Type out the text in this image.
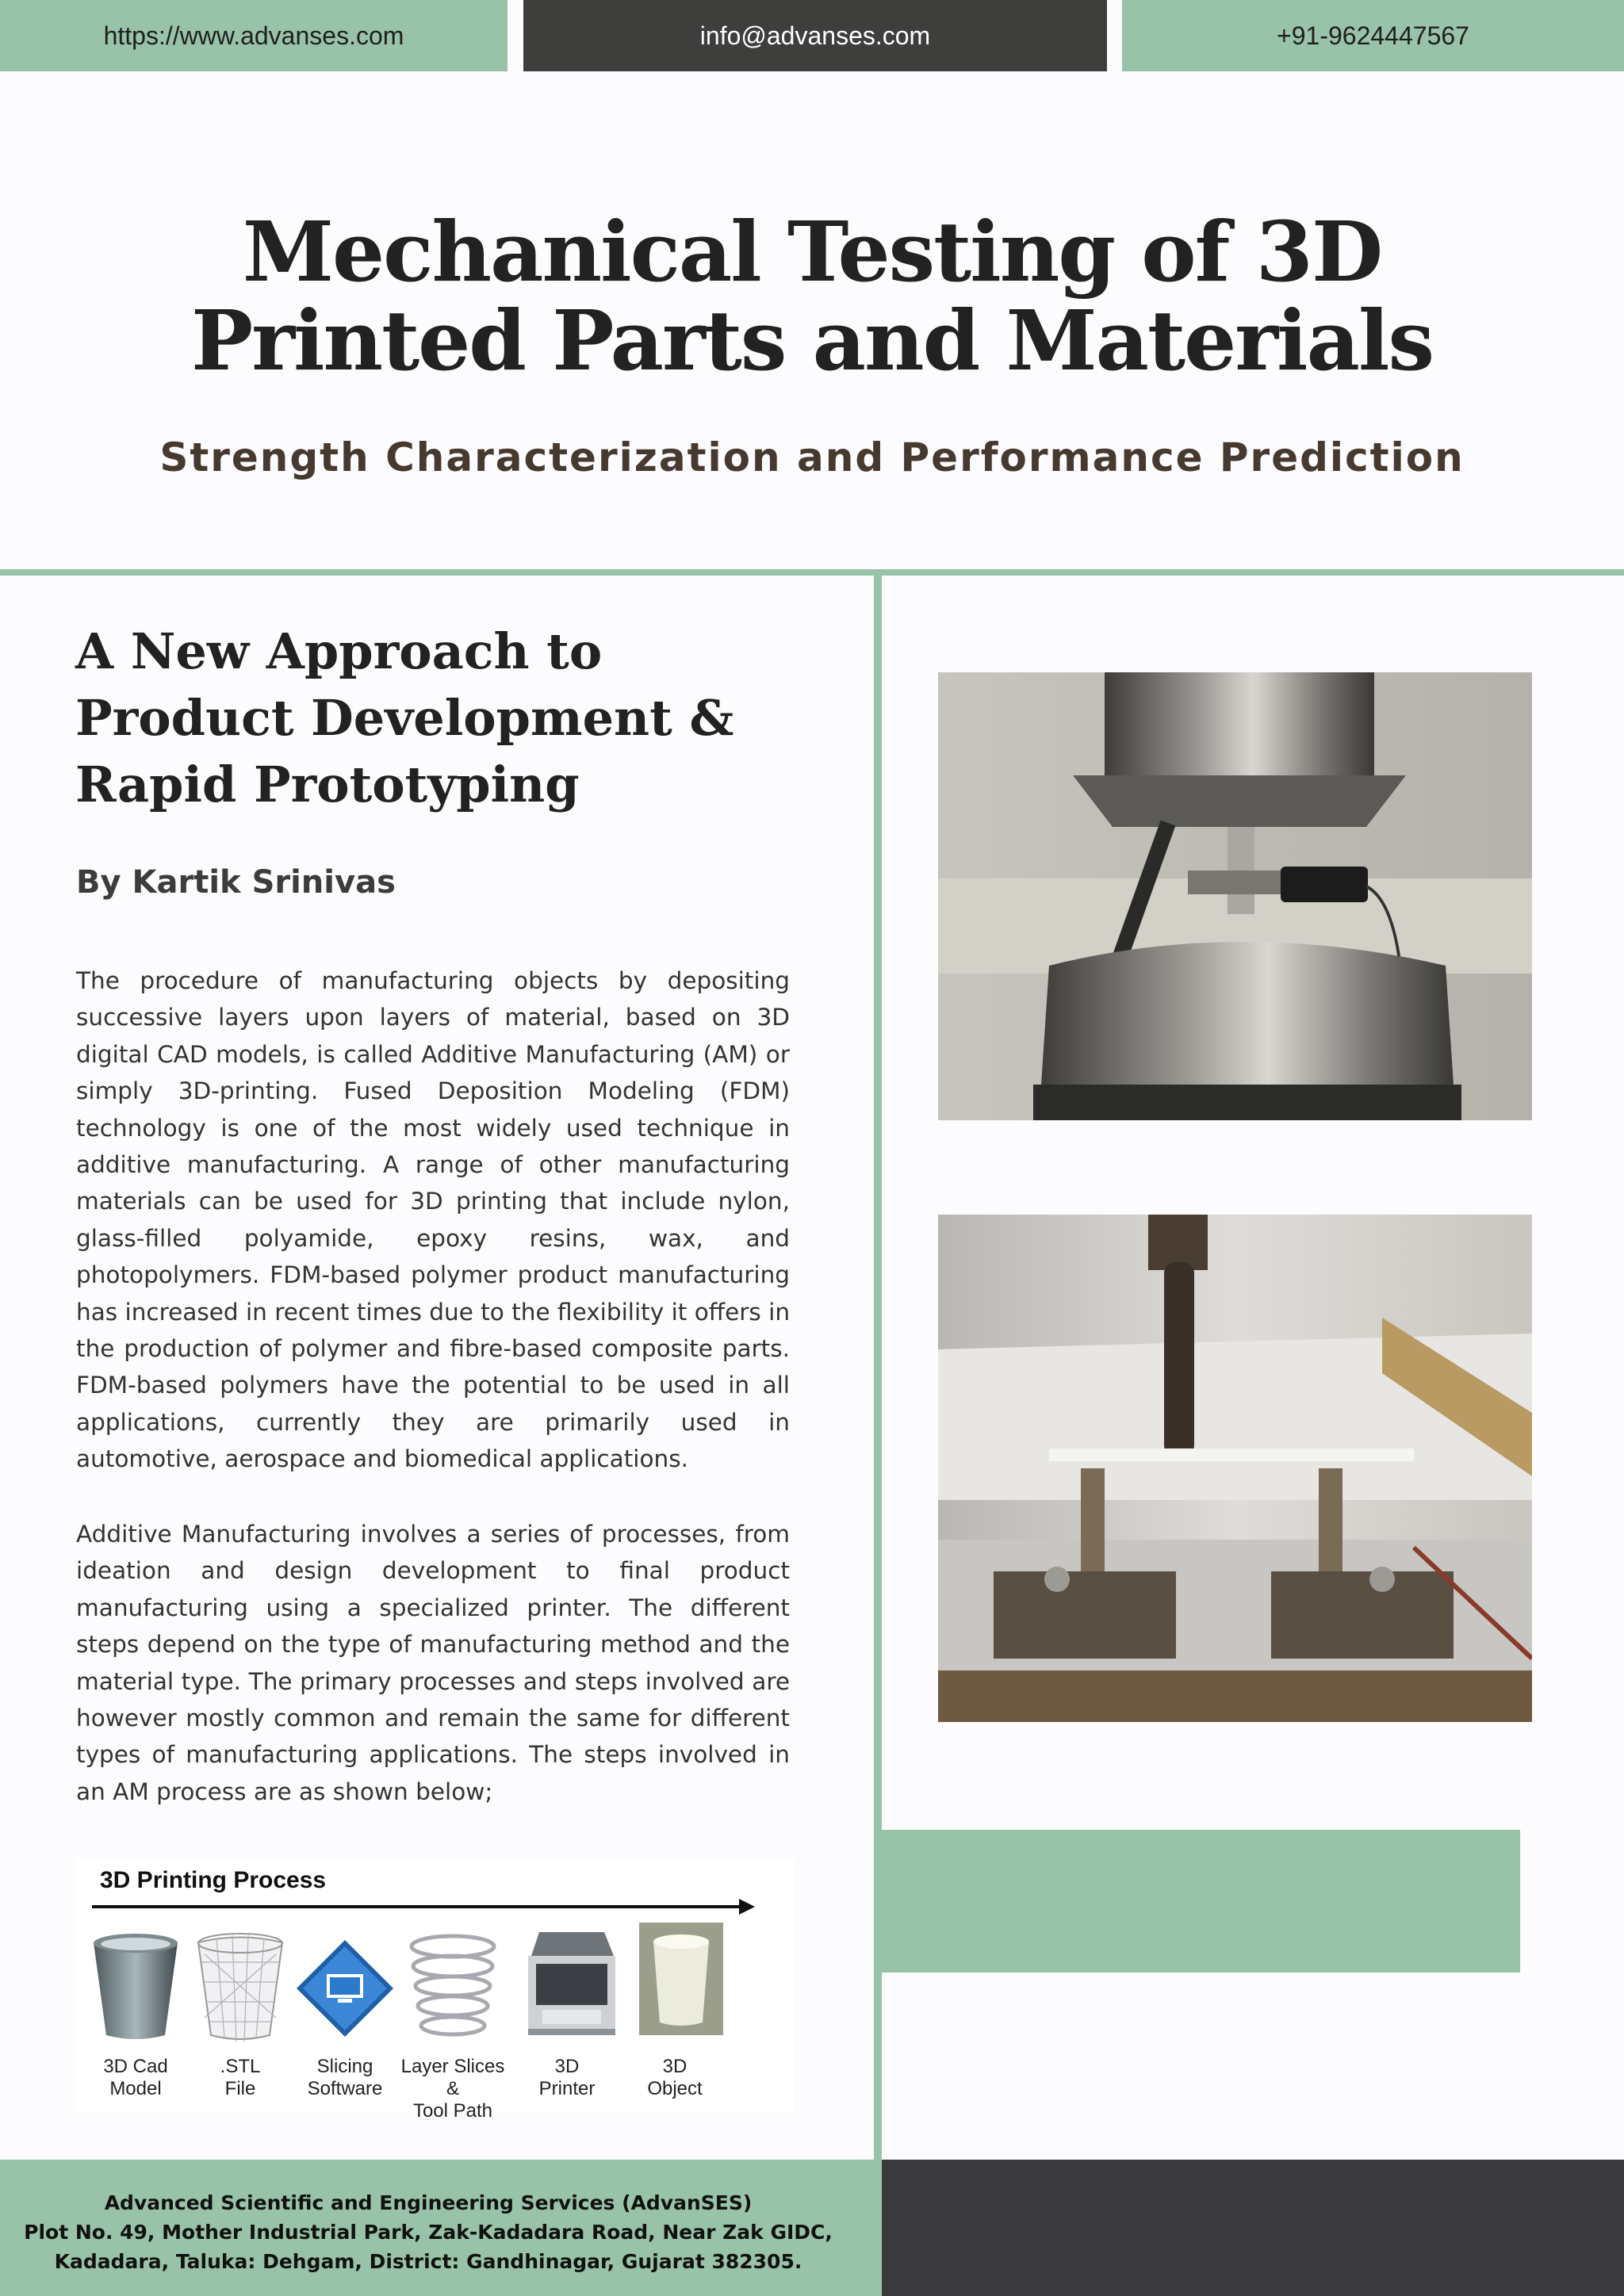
https://www.advanses.com	info@advanses.com	+91-9624447567
Mechanical Testing of 3D Printed Parts and Materials
Strength Characterization and Performance Prediction
A New Approach to Product Development & Rapid Prototyping
By Kartik Srinivas

The procedure of manufacturing objects by depositing successive layers upon layers of material, based on 3D digital CAD models, is called Additive Manufacturing (AM) or simply 3D-printing. Fused Deposition Modeling (FDM) technology is one of the most widely used technique in additive manufacturing. A range of other manufacturing materials can be used for 3D printing that include nylon, glass-filled polyamide, epoxy resins, wax, and photopolymers. FDM-based polymer product manufacturing has increased in recent times due to the flexibility it offers in the production of polymer and fibre-based composite parts. FDM-based polymers have the potential to be used in all applications, currently they are primarily used in automotive, aerospace and biomedical applications.

Additive Manufacturing involves a series of processes, from ideation and design development to final product manufacturing using a specialized printer. The different steps depend on the type of manufacturing method and the material type. The primary processes and steps involved are however mostly common and remain the same for different types of manufacturing applications. The steps involved in an AM process are as shown below;

3D Printing Process
3D Cad
Model
.STL
File
Slicing
Software
Layer Slices &
Tool Path
3D
Printer
3D
Object
Advanced Scientific and Engineering Services (AdvanSES)
Plot No. 49, Mother Industrial Park, Zak-Kadadara Road, Near Zak GIDC,
Kadadara, Taluka: Dehgam, District: Gandhinagar, Gujarat 382305.
